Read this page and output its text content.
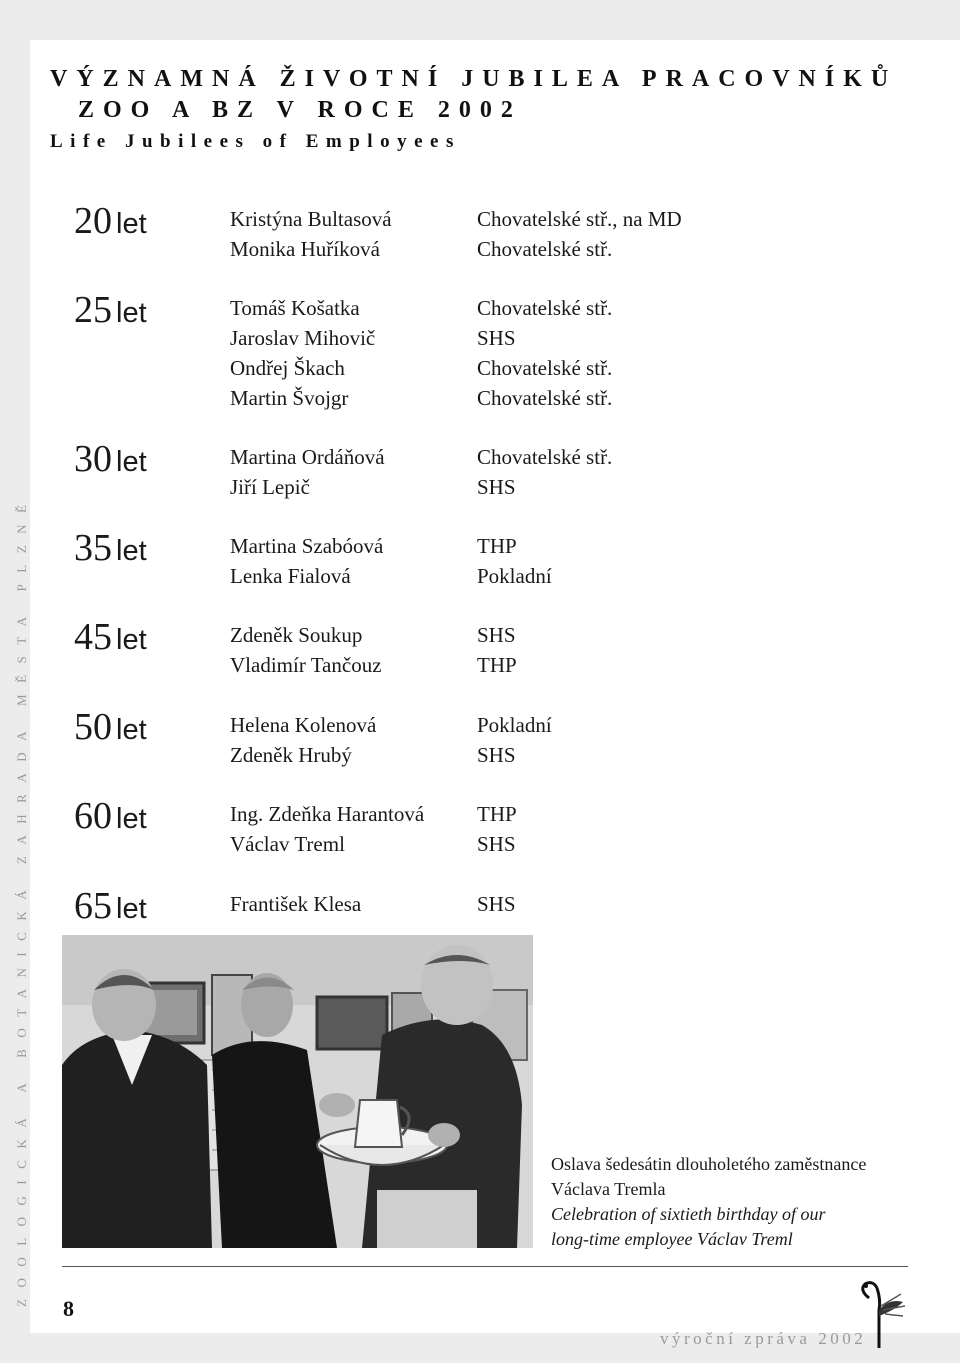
ZOOLOGICKÁ A BOTANICKÁ ZAHRADA MĚSTA PLZNĚ
VÝZNAMNÁ ŽIVOTNÍ JUBILEA PRACOVNÍKŮ
ZOO A BZ V ROCE 2002
Life Jubilees of Employees
20 let	Kristýna Bultasová	Chovatelské stř., na MD
Monika Huříková	Chovatelské stř.
25 let	Tomáš Košatka	Chovatelské stř.
Jaroslav Mihovič	SHS
Ondřej Škach	Chovatelské stř.
Martin Švojgr	Chovatelské stř.
30 let	Martina Ordáňová	Chovatelské stř.
Jiří Lepič	SHS
35 let	Martina Szabóová	THP
Lenka Fialová	Pokladní
45 let	Zdeněk Soukup	SHS
Vladimír Tančouz	THP
50 let	Helena Kolenová	Pokladní
Zdeněk Hrubý	SHS
60 let	Ing. Zdeňka Harantová	THP
Václav Treml	SHS
65 let	František Klesa	SHS
Oslava šedesátin dlouholetého zaměstnance
Václava Tremla
Celebration of sixtieth birthday of our
long-time employee Václav Treml
8
výroční zpráva 2002
